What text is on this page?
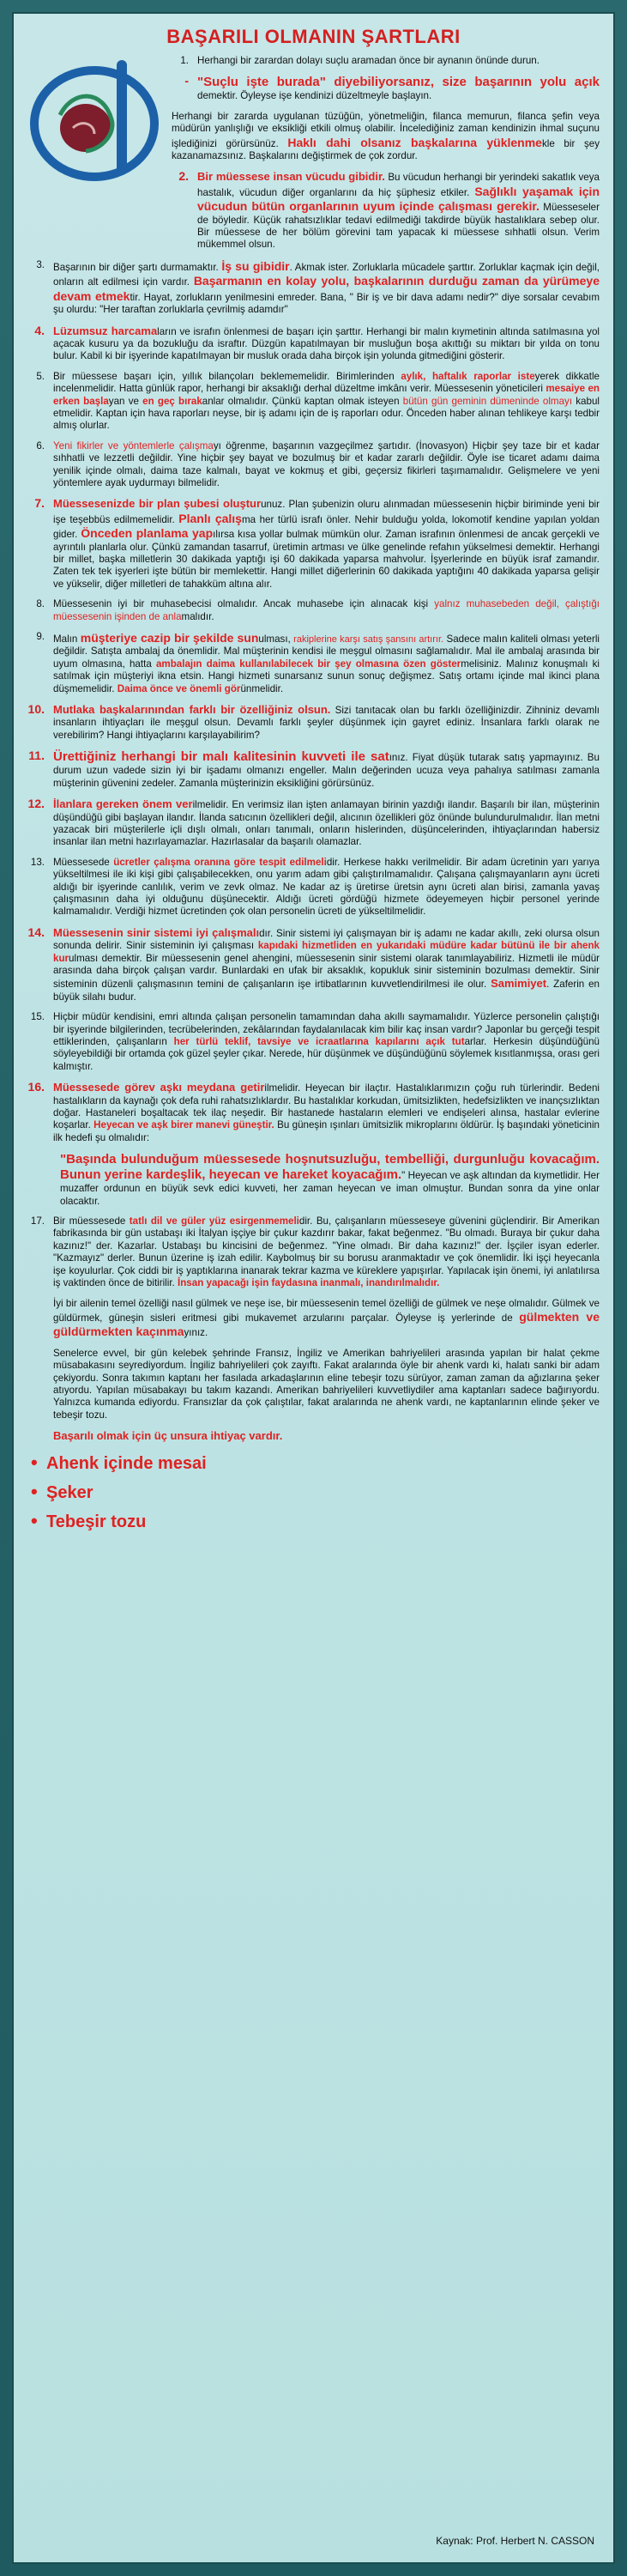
BAŞARILI OLMANIN ŞARTLARI
1. Herhangi bir zarardan dolayı suçlu aramadan önce bir aynanın önünde durun.
- "Suçlu işte burada" diyebiliyorsanız, size başarının yolu açık demektir. Öyleyse işe kendinizi düzeltmeyle başlayın.

Herhangi bir zararda uygulanan tüzüğün, yönetmeliğin, filanca memurun, filanca şefin veya müdürün yanlışlığı ve eksikliği etkili olmuş olabilir. İncelediğiniz zaman kendinizin ihmal suçunu işlediğinizi görürsünüz. Haklı dahi olsanız başkalarına yüklenmekle bir şey kazanamazsınız. Başkalarını değiştirmek de çok zordur.

2. Bir müessese insan vücudu gibidir. Bu vücudun herhangi bir yerindeki sakatlık veya hastalık, vücudun diğer organlarını da hiç şüphesiz etkiler. Sağlıklı yaşamak için vücudun bütün organlarının uyum içinde çalışması gerekir. Müesseseler de böyledir. Küçük rahatsızlıklar tedavi edilmediği takdirde büyük hastalıklara sebep olur. Bir müessese de her bölüm görevini tam yapacak ki müessese sıhhatli olsun. Verim mükemmel olsun.
3. Başarının bir diğer şartı durmamaktır. İş su gibidir. Akmak ister. Zorluklarla mücadele şarttır. Zorluklar kaçmak için değil, onların alt edilmesi için vardır. Başarmanın en kolay yolu, başkalarının durduğu zaman da yürümeye devam etmektir. Hayat, zorlukların yenilmesini emreder. Bana, " Bir iş ve bir dava adamı nedir?" diye sorsalar cevabım şu olurdu: "Her taraftan zorluklarla çevrilmiş adamdır"
4. Lüzumsuz harcamaların ve israfın önlenmesi de başarı için şarttır. Herhangi bir malın kıymetinin altında satılmasına yol açacak kusuru ya da bozukluğu da israftır. Düzgün kapatılmayan bir musluğun boşa akıttığı su miktarı bir yılda on tonu bulur. Kabil ki bir işyerinde kapatılmayan bir musluk orada daha birçok işin yolunda gitmediğini gösterir.
5. Bir müessese başarı için, yıllık bilançoları beklememelidir. Birimlerinden aylık, haftalık raporlar isteyerek dikkatle incelenmelidir. Hatta günlük rapor, herhangi bir aksaklığı derhal düzeltme imkânı verir. Müessesenin yöneticileri mesaiye en erken başlayan ve en geç bırakanlar olmalıdır. Çünkü kaptan olmak isteyen bütün gün geminin dümeninde olmayı kabul etmelidir. Kaptan için hava raporları neyse, bir iş adamı için de iş raporları odur. Önceden haber alınan tehlikeye karşı tedbir almış olurlar.
6. Yeni fikirler ve yöntemlerle çalışmayı öğrenme, başarının vazgeçilmez şartıdır. (İnovasyon) Hiçbir şey taze bir et kadar sıhhatli ve lezzetli değildir. Yine hiçbir şey bayat ve bozulmuş bir et kadar zararlı değildir. Öyle ise ticaret adamı daima yenilik içinde olmalı, daima taze kalmalı, bayat ve kokmuş et gibi, geçersiz fikirleri taşımamalıdır. Gelişmelere ve yeni yöntemlere ayak uydurmayı bilmelidir.
7. Müessesenizde bir plan şubesi oluşturunuz. Plan şubenizin oluru alınmadan müessesenin hiçbir biriminde yeni bir işe teşebbüs edilmemelidir. Planlı çalışma her türlü israfı önler. Nehir bulduğu yolda, lokomotif kendine yapılan yoldan gider. Önceden planlama yapılırsa kısa yollar bulmak mümkün olur. Zaman israfının önlenmesi de ancak gerçekli ve ayrıntılı planlarla olur. Çünkü zamandan tasarruf, üretimin artması ve ülke genelinde refahın yükselmesi demektir. Herhangi bir millet, başka milletlerin 30 dakikada yaptığı işi 60 dakikada yaparsa mahvolur. İşyerlerinde en büyük israf zamandır. Zaten tek tek işyerleri işte bütün bir memlekettir. Hangi millet diğerlerinin 60 dakikada yaptığını 40 dakikada yaparsa gelişir ve yükselir, diğer milletleri de tahakküm altına alır.
8. Müessesenin iyi bir muhasebecisi olmalıdır. Ancak muhasebe için alınacak kişi yalnız muhasebeden değil, çalıştığı müessesenin işinden de anlamalıdır.
9. Malın müşteriye cazip bir şekilde sunulması, rakiplerine karşı satış şansını artırır. Sadece malın kaliteli olması yeterli değildir. Satışta ambalaj da önemlidir. Mal müşterinin kendisi ile meşgul olmasını sağlamalıdır. Mal ile ambalaj arasında bir uyum olmasına, hatta ambalajın daima kullanılabilecek bir şey olmasına özen göstermelisiniz. Malınız konuşmalı ki satılmak için müşteriyi ikna etsin. Hangi hizmeti sunarsanız sunun sonuç değişmez. Satış ortamı içinde mal ikinci plana düşmemelidir. Daima önce ve önemli görünmelidir.
10. Mutlaka başkalarınından farklı bir özelliğiniz olsun. Sizi tanıtacak olan bu farklı özelliğinizdir. Zihniniz devamlı insanların ihtiyaçları ile meşgul olsun. Devamlı farklı şeyler düşünmek için gayret ediniz. İnsanlara farklı olarak ne verebilirim? Hangi ihtiyaçlarını karşılayabilirim?
11. Ürettiğiniz herhangi bir malı kalitesinin kuvveti ile satınız. Fiyat düşük tutarak satış yapmayınız. Bu durum uzun vadede sizin iyi bir işadamı olmanızı engeller. Malın değerinden ucuza veya pahalıya satılması zamanla müşterinin güvenini zedeler. Zamanla müşterinizin eksikliğini görürsünüz.
12. İlanlara gereken önem verilmelidir. En verimsiz ilan işten anlamayan birinin yazdığı ilandır. Başarılı bir ilan, müşterinin düşündüğü gibi başlayan ilandır. İlanda satıcının özellikleri değil, alıcının özellikleri göz önünde bulundurulmalıdır. İlan metni yazacak biri müşterilerle içli dışlı olmalı, onları tanımalı, onların hislerinden, düşüncelerinden, ihtiyaçlarından habersiz insanlar ilan metni hazırlayamazlar. Hazırlasalar da başarılı olamazlar.
13. Müessesede ücretler çalışma oranına göre tespit edilmelidir. Herkese hakkı verilmelidir. Bir adam ücretinin yarı yarıya yükseltilmesi ile iki kişi gibi çalışabilecekken, onu yarım adam gibi çalıştırılmamalıdır. Çalışana çalışmayanların aynı ücreti aldığı bir işyerinde canlılık, verim ve zevk olmaz. Ne kadar az iş üretirse üretsin aynı ücreti alan birisi, zamanla yavaş çalışmasının daha iyi olduğunu düşünecektir. Aldığı ücreti gördüğü hizmete ödeyemeyen hiçbir personel yerinde kalmamalıdır. Verdiği hizmet ücretinden çok olan personelin ücreti de yükseltilmelidir.
14. Müessesenin sinir sistemi iyi çalışmalıdır. Sinir sistemi iyi çalışmayan bir iş adamı ne kadar akıllı, zeki olursa olsun sonunda delirir. Sinir sisteminin iyi çalışması kapıdaki hizmetliden en yukarıdaki müdüre kadar bütünü ile bir ahenk kurulması demektir. Bir müessesenin genel ahengini, müessesenin sinir sistemi olarak tanımlayabiliriz. Hizmetli ile müdür arasında daha birçok çalışan vardır. Bunlardaki en ufak bir aksaklık, kopukluk sinir sisteminin bozulması demektir. Sinir sisteminin düzenli çalışmasının temini de çalışanların işe irtibatlarının kuvvetlendirilmesi ile olur. Samimiyet. Zaferin en büyük silahı budur.
15. Hiçbir müdür kendisini, emri altında çalışan personelin tamamından daha akıllı saymamalıdır. Yüzlerce personelin çalıştığı bir işyerinde bilgilerinden, tecrübelerinden, zekâlarından faydalanılacak kim bilir kaç insan vardır? Japonlar bu gerçeği tespit ettiklerinden, çalışanların her türlü teklif, tavsiye ve icraatlarına kapılarını açık tutarlar. Herkesin düşündüğünü söyleyebildiği bir ortamda çok güzel şeyler çıkar. Nerede, hür düşünmek ve düşündüğünü söylemek kısıtlanmışsa, orası geri kalmıştır.
16. Müessesede görev aşkı meydana getirilmelidir. Heyecan bir ilaçtır. Hastalıklarımızın çoğu ruh türlerindir. Bedeni hastalıkların da kaynağı çok defa ruhi rahatsızlıklardır. Bu hastalıklar korkudan, ümitsizlikten, hedefsizlikten ve inançsızlıktan doğar. Hastaneleri boşaltacak tek ilaç neşedir. Bir hastanede hastaların elemleri ve endişeleri alınsa, hastalar evlerine koşarlar. Heyecan ve aşk birer manevi güneştir. Bu güneşin ışınları ümitsizlik mikroplarını öldürür. İş başındaki yöneticinin ilk hedefi şu olmalıdır:

"Başında bulunduğum müessesede hoşnutsuzluğu, tembelliği, durgunluğu kovacağım. Bunun yerine kardeşlik, heyecan ve hareket koyacağım." Heyecan ve aşk altından da kıymetlidir. Her muzaffer ordunun en büyük sevk edici kuvveti, her zaman heyecan ve iman olmuştur. Bundan sonra da yine onlar olacaktır.

17. Bir müessesede tatlı dil ve güler yüz esirgenmemelidir. Bu, çalışanların müesseseye güvenini güçlendirir. Bir Amerikan fabrikasında bir gün ustabaşı iki İtalyan işçiye bir çukur kazdırır bakar, fakat beğenmez. "Bu olmadı. Buraya bir çukur daha kazınız!" der. Kazarlar. Ustabaşı bu kincisini de beğenmez. "Yine olmadı. Bir daha kazınız!" der. İşçiler isyan ederler. "Kazmayız" derler. Bunun üzerine iş izah edilir. Kaybolmuş bir su borusu aranmaktadır ve çok önemlidir. İki işçi heyecanla işe koyulurlar. Çok ciddi bir iş yaptıklarına inanarak tekrar kazma ve küreklere yapışırlar. Yapılacak işin önemi, iyi anlatılırsa iş vaktinden önce de bitirilir. İnsan yapacağı işin faydasına inanmalı, inandırılmalıdır.

İyi bir ailenin temel özelliği nasıl gülmek ve neşe ise, bir müessesenin temel özelliği de gülmek ve neşe olmalıdır. Gülmek ve güldürmek, güneşin sisleri eritmesi gibi mukavemet arzularını parçalar. Öyleyse iş yerlerinde de gülmekten ve güldürmekten kaçınmayınız.

Senelerce evvel, bir gün kelebek şehrinde Fransız, İngiliz ve Amerikan bahriyelileri arasında yapılan bir halat çekme müsabakasını seyrediyordum. İngiliz bahriyelileri çok zayıftı. Fakat aralarında öyle bir ahenk vardı ki, halatı sanki bir adam çekiyordu. Sonra takımın kaptanı her fasılada arkadaşlarının eline tebeşir tozu sürüyor, zaman zaman da ağızlarına şeker atıyordu. Yapılan müsabakayı bu takım kazandı. Amerikan bahriyelileri kuvvetliydiler ama kaptanları sadece bağırıyordu. Yalnızca kumanda ediyordu. Fransızlar da çok çalıştılar, fakat aralarında ne ahenk vardı, ne kaptanlarının elinde şeker ve tebeşir tozu.

Başarılı olmak için üç unsura ihtiyaç vardır.

• Ahenk içinde mesai
• Şeker
• Tebeşir tozu
Kaynak: Prof. Herbert N. CASSON
